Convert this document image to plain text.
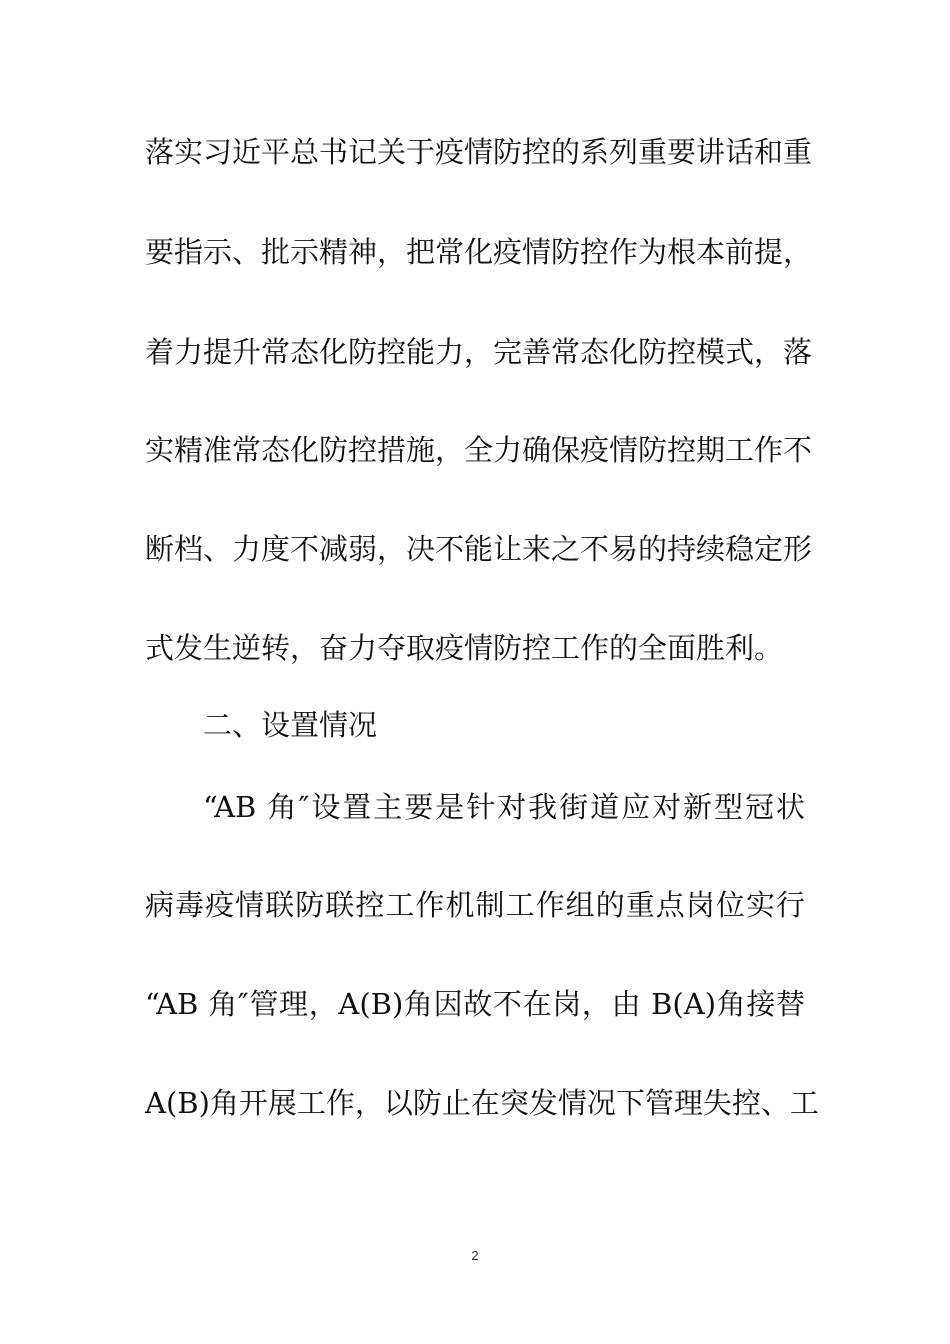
落实习近平总书记关于疫情防控的系列重要讲话和重
要指示、批示精神，把常化疫情防控作为根本前提，
着力提升常态化防控能力，完善常态化防控模式，落
实精准常态化防控措施，全力确保疫情防控期工作不
断档、力度不减弱，决不能让来之不易的持续稳定形
式发生逆转，奋力夺取疫情防控工作的全面胜利。
二、设置情况
“AB 角″设置主要是针对我街道应对新型冠状
病毒疫情联防联控工作机制工作组的重点岗位实行
“AB 角″管理，A(B)角因故不在岗，由 B(A)角接替
A(B)角开展工作，以防止在突发情况下管理失控、工
2
